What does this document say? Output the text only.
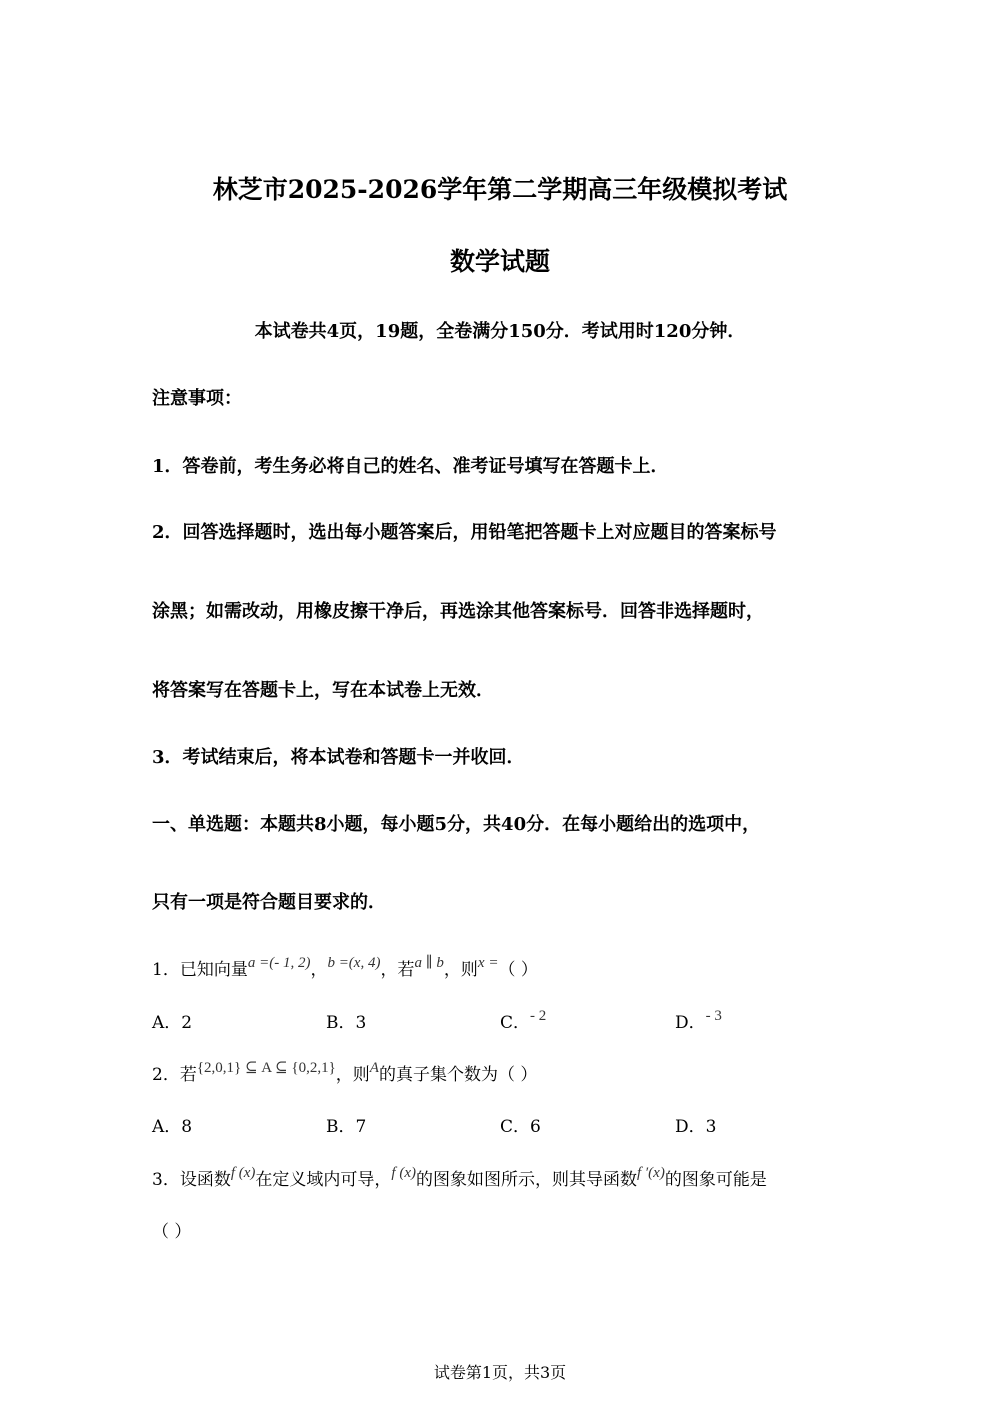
林芝市2025-2026学年第二学期高三年级模拟考试
数学试题
本试卷共4页，19题，全卷满分150分．考试用时120分钟．
注意事项：
1．答卷前，考生务必将自己的姓名、准考证号填写在答题卡上．
2．回答选择题时，选出每小题答案后，用铅笔把答题卡上对应题目的答案标号
涂黑；如需改动，用橡皮擦干净后，再选涂其他答案标号．回答非选择题时，
将答案写在答题卡上，写在本试卷上无效．
3．考试结束后，将本试卷和答题卡一并收回．
一、单选题：本题共8小题，每小题5分，共40分．在每小题给出的选项中，
只有一项是符合题目要求的．
1．已知向量a =(- 1, 2)，b =(x, 4)，若a ∥ b，则x =（ ）
A．2	B．3	C．- 2	D．- 3
2．若{2,0,1} ⊆ A ⊆ {0,2,1}，则A的真子集个数为（ ）
A．8	B．7	C．6	D．3
3．设函数f (x)在定义域内可导，f (x)的图象如图所示，则其导函数f ′(x)的图象可能是
（ ）
试卷第1页，共3页
